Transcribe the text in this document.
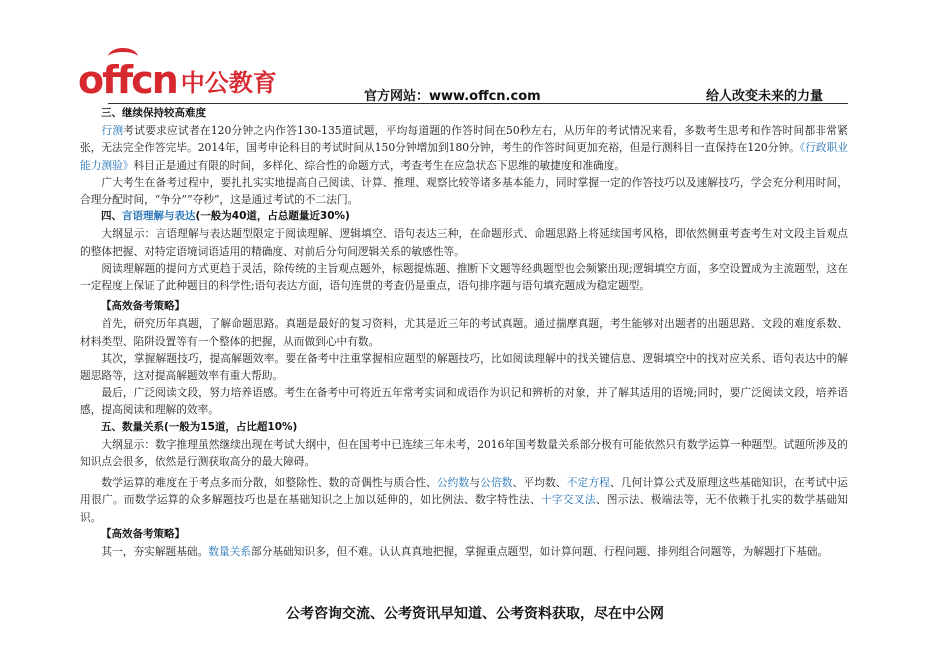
offcn 中公教育	官方网站：www.offcn.com	给人改变未来的力量

三、继续保持较高难度

行测考试要求应试者在120分钟之内作答130-135道试题，平均每道题的作答时间在50秒左右，从历年的考试情况来看，多数考生思考和作答时间都非常紧张，无法完全作答完毕。2014年，国考申论科目的考试时间从150分钟增加到180分钟，考生的作答时间更加充裕，但是行测科目一直保持在120分钟。《行政职业能力测验》科目正是通过有限的时间，多样化、综合性的命题方式，考查考生在应急状态下思维的敏捷度和准确度。

广大考生在备考过程中，要扎扎实实地提高自己阅读、计算、推理、观察比较等诸多基本能力，同时掌握一定的作答技巧以及速解技巧，学会充分利用时间，合理分配时间，“争分”“夺秒”，这是通过考试的不二法门。

四、言语理解与表达(一般为40道，占总题量近30%)

大纲显示：言语理解与表达题型限定于阅读理解、逻辑填空、语句表达三种，在命题形式、命题思路上将延续国考风格，即依然侧重考查考生对文段主旨观点的整体把握、对特定语境词语适用的精确度、对前后分句间逻辑关系的敏感性等。

阅读理解题的提问方式更趋于灵活，除传统的主旨观点题外，标题提炼题、推断下文题等经典题型也会频繁出现;逻辑填空方面，多空设置成为主流题型，这在一定程度上保证了此种题目的科学性;语句表达方面，语句连贯的考查仍是重点，语句排序题与语句填充题成为稳定题型。

【高效备考策略】

首先，研究历年真题，了解命题思路。真题是最好的复习资料，尤其是近三年的考试真题。通过揣摩真题，考生能够对出题者的出题思路、文段的难度系数、材料类型、陷阱设置等有一个整体的把握，从而做到心中有数。

其次，掌握解题技巧，提高解题效率。要在备考中注重掌握相应题型的解题技巧，比如阅读理解中的找关键信息、逻辑填空中的找对应关系、语句表达中的解题思路等，这对提高解题效率有重大帮助。

最后，广泛阅读文段，努力培养语感。考生在备考中可将近五年常考实词和成语作为识记和辨析的对象，并了解其适用的语境;同时，要广泛阅读文段，培养语感，提高阅读和理解的效率。

五、数量关系(一般为15道，占比超10%)

大纲显示：数字推理虽然继续出现在考试大纲中，但在国考中已连续三年未考，2016年国考数量关系部分极有可能依然只有数学运算一种题型。试题所涉及的知识点会很多，依然是行测获取高分的最大障碍。

数学运算的难度在于考点多而分散，如整除性、数的奇偶性与质合性、公约数与公倍数、平均数、不定方程、几何计算公式及原理这些基础知识，在考试中运用很广。而数学运算的众多解题技巧也是在基础知识之上加以延伸的，如比例法、数字特性法、十字交叉法、图示法、极端法等，无不依赖于扎实的数学基础知识。

【高效备考策略】

其一，夯实解题基础。数量关系部分基础知识多，但不难。认认真真地把握，掌握重点题型，如计算问题、行程问题、排列组合问题等，为解题打下基础。

公考咨询交流、公考资讯早知道、公考资料获取，尽在中公网
